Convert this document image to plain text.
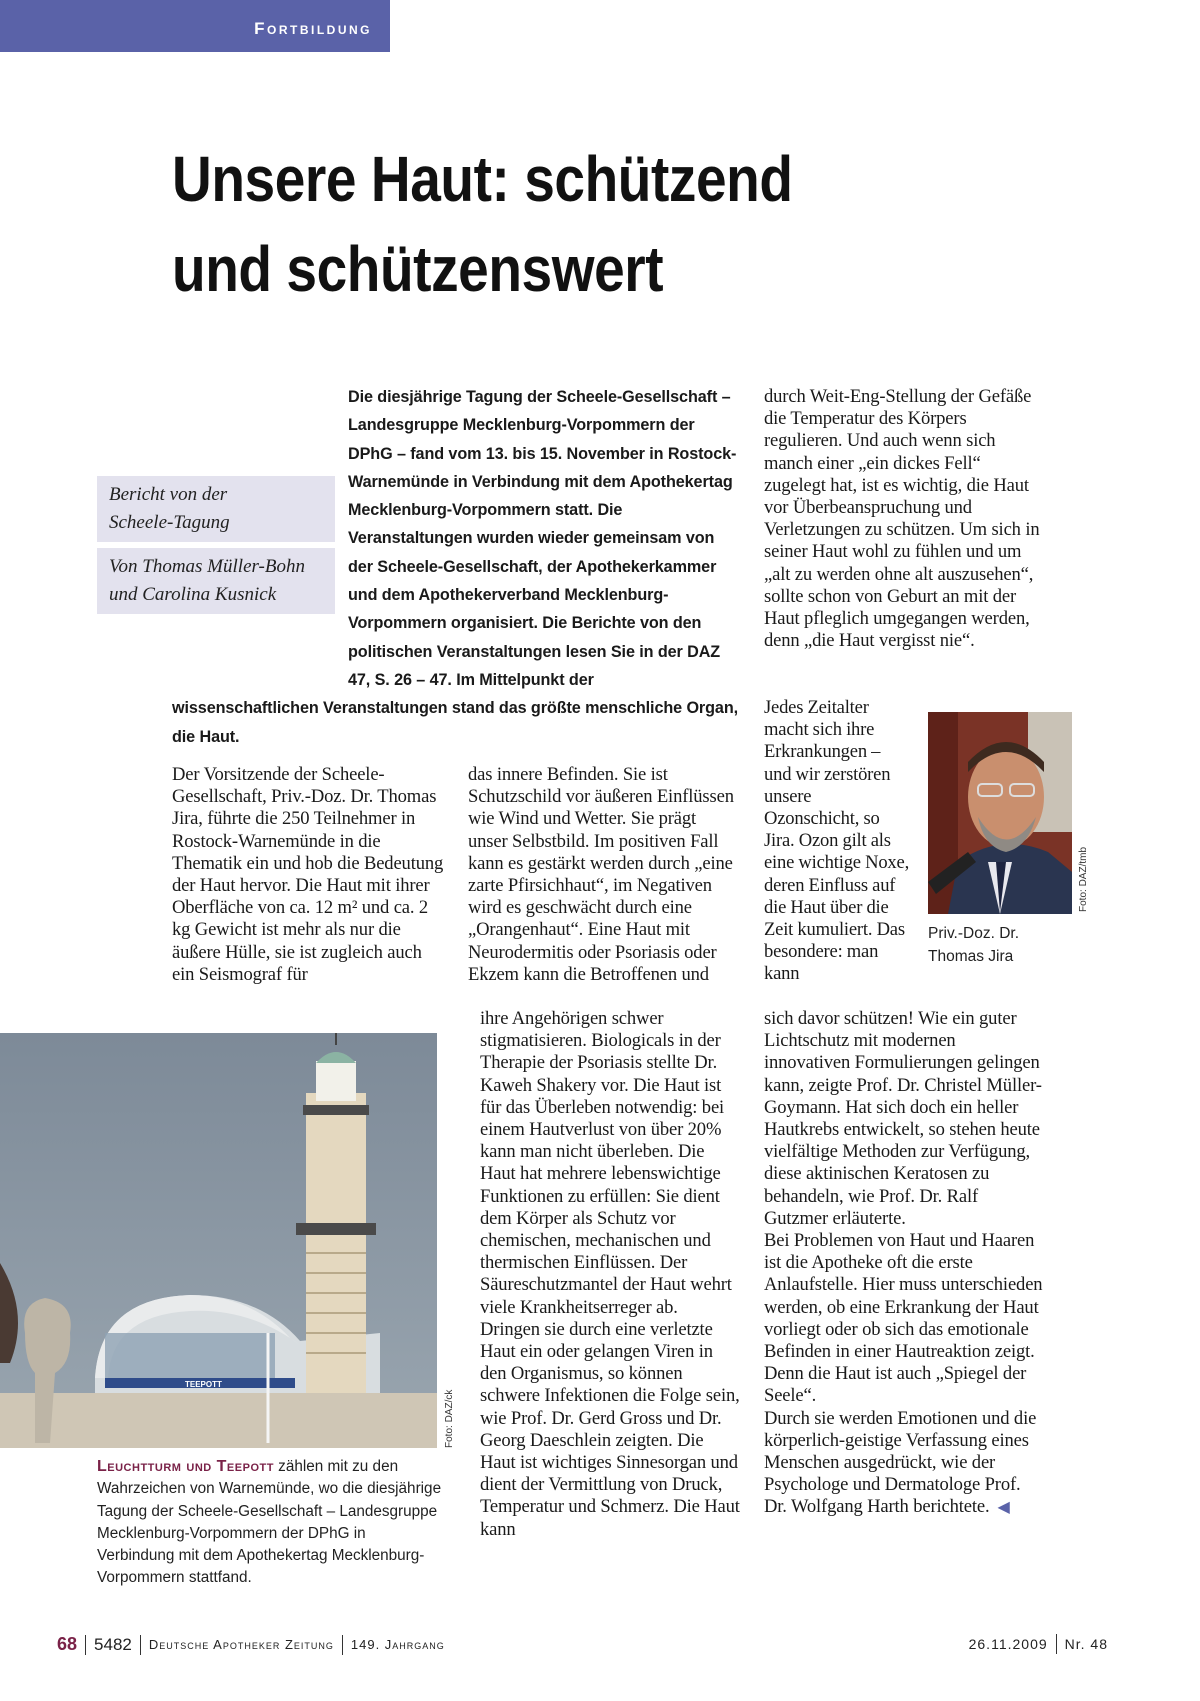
Fortbildung
Unsere Haut: schützend
und schützenswert
Die diesjährige Tagung der Scheele-Gesellschaft – Landesgruppe Mecklenburg-Vorpommern der DPhG – fand vom 13. bis 15. November in Rostock-Warnemünde in Verbindung mit dem Apothekertag Mecklenburg-Vorpommern statt. Die Veranstaltungen wurden wieder gemeinsam von der Scheele-Gesellschaft, der Apothekerkammer und dem Apothekerverband Mecklenburg-Vorpommern organisiert. Die Berichte von den politischen Veranstaltungen lesen Sie in der DAZ 47, S. 26 – 47. Im Mittelpunkt der wissenschaftlichen Veranstaltungen stand das größte menschliche Organ, die Haut.
Bericht von der
Scheele-Tagung
Von Thomas Müller-Bohn
und Carolina Kusnick

Der Vorsitzende der Scheele-Gesellschaft, Priv.-Doz. Dr. Thomas Jira, führte die 250 Teilnehmer in Rostock-Warnemünde in die Thematik ein und hob die Bedeutung der Haut hervor. Die Haut mit ihrer Oberfläche von ca. 12 m² und ca. 2 kg Gewicht ist mehr als nur die äußere Hülle, sie ist zugleich auch ein Seismograf für

das innere Befinden. Sie ist Schutzschild vor äußeren Einflüssen wie Wind und Wetter. Sie prägt unser Selbstbild. Im positiven Fall kann es gestärkt werden durch „eine zarte Pfirsichhaut“, im Negativen wird es geschwächt durch eine „Orangenhaut“. Eine Haut mit Neurodermitis oder Psoriasis oder Ekzem kann die Betroffenen und

ihre Angehörigen schwer stigmatisieren. Biologicals in der Therapie der Psoriasis stellte Dr. Kaweh Shakery vor. Die Haut ist für das Überleben notwendig: bei einem Hautverlust von über 20% kann man nicht überleben. Die Haut hat mehrere lebenswichtige Funktionen zu erfüllen: Sie dient dem Körper als Schutz vor chemischen, mechanischen und thermischen Einflüssen. Der Säureschutzmantel der Haut wehrt viele Krankheitserreger ab. Dringen sie durch eine verletzte Haut ein oder gelangen Viren in den Organismus, so können schwere Infektionen die Folge sein, wie Prof. Dr. Gerd Gross und Dr. Georg Daeschlein zeigten. Die Haut ist wichtiges Sinnesorgan und dient der Vermittlung von Druck, Temperatur und Schmerz. Die Haut kann

durch Weit-Eng-Stellung der Gefäße die Temperatur des Körpers regulieren. Und auch wenn sich manch einer „ein dickes Fell“ zugelegt hat, ist es wichtig, die Haut vor Überbeanspruchung und Verletzungen zu schützen. Um sich in seiner Haut wohl zu fühlen und um „alt zu werden ohne alt auszusehen“, sollte schon von Geburt an mit der Haut pfleglich umgegangen werden, denn „die Haut vergisst nie“.

Jedes Zeitalter macht sich ihre Erkrankungen – und wir zerstören unsere Ozonschicht, so Jira. Ozon gilt als eine wichtige Noxe, deren Einfluss auf die Haut über die Zeit kumuliert. Das besondere: man kann

sich davor schützen! Wie ein guter Lichtschutz mit modernen innovativen Formulierungen gelingen kann, zeigte Prof. Dr. Christel Müller-Goymann. Hat sich doch ein heller Hautkrebs entwickelt, so stehen heute vielfältige Methoden zur Verfügung, diese aktinischen Keratosen zu behandeln, wie Prof. Dr. Ralf Gutzmer erläuterte.

Bei Problemen von Haut und Haaren ist die Apotheke oft die erste Anlaufstelle. Hier muss unterschieden werden, ob eine Erkrankung der Haut vorliegt oder ob sich das emotionale Befinden in einer Hautreaktion zeigt. Denn die Haut ist auch „Spiegel der Seele“.

Durch sie werden Emotionen und die körperlich-geistige Verfassung eines Menschen ausgedrückt, wie der Psychologe und Dermatologe Prof. Dr. Wolfgang Harth berichtete. ◀

Foto: DAZ/tmb
Priv.-Doz. Dr.
Thomas Jira
TEEPOTT
Foto: DAZ/ck
Leuchtturm und Teepott zählen mit zu den Wahrzeichen von Warnemünde, wo die diesjährige Tagung der Scheele-Gesellschaft – Landesgruppe Mecklenburg-Vorpommern der DPhG in Verbindung mit dem Apothekertag Mecklenburg-Vorpommern stattfand.
68 5482 Deutsche Apotheker Zeitung 149. Jahrgang	26.11.2009 Nr. 48
